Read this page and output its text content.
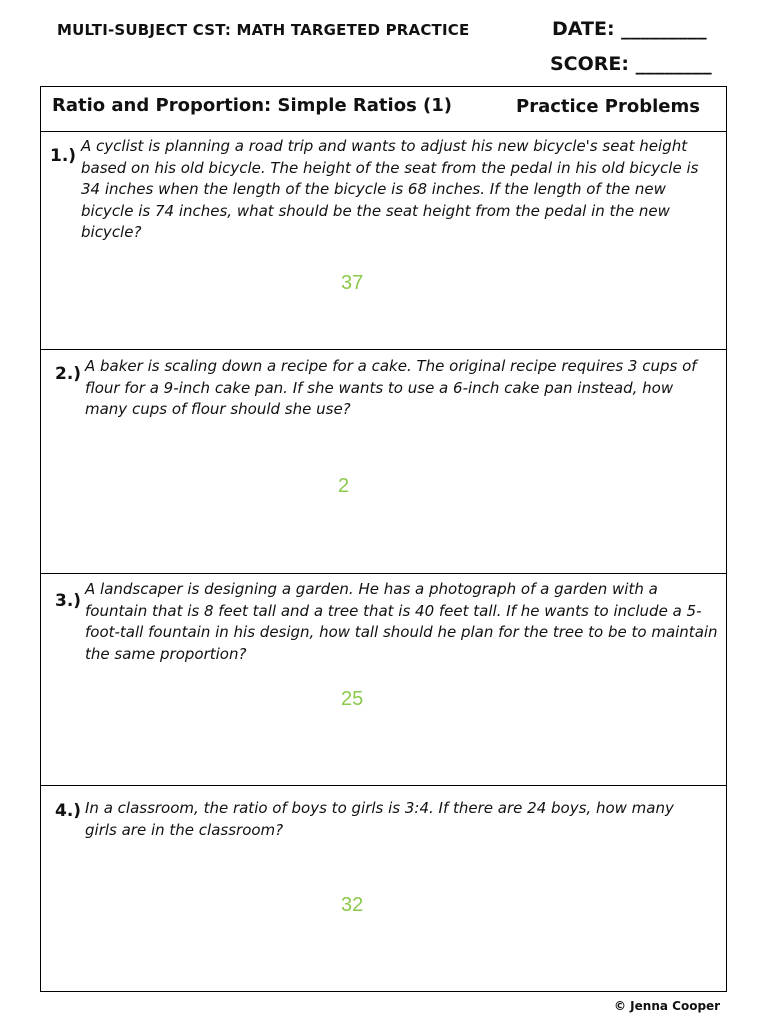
MULTI-SUBJECT CST: MATH TARGETED PRACTICE	DATE: _________
SCORE: ________
Ratio and Proportion: Simple Ratios (1)	Practice Problems
1.) A cyclist is planning a road trip and wants to adjust his new bicycle's seat height based on his old bicycle. The height of the seat from the pedal in his old bicycle is 34 inches when the length of the bicycle is 68 inches. If the length of the new bicycle is 74 inches, what should be the seat height from the pedal in the new bicycle?
37
2.) A baker is scaling down a recipe for a cake. The original recipe requires 3 cups of flour for a 9-inch cake pan. If she wants to use a 6-inch cake pan instead, how many cups of flour should she use?
2
3.)
A landscaper is designing a garden. He has a photograph of a garden with a fountain that is 8 feet tall and a tree that is 40 feet tall. If he wants to include a 5-foot-tall fountain in his design, how tall should he plan for the tree to be to maintain the same proportion?
25
4.) In a classroom, the ratio of boys to girls is 3:4. If there are 24 boys, how many girls are in the classroom?
32
© Jenna Cooper
